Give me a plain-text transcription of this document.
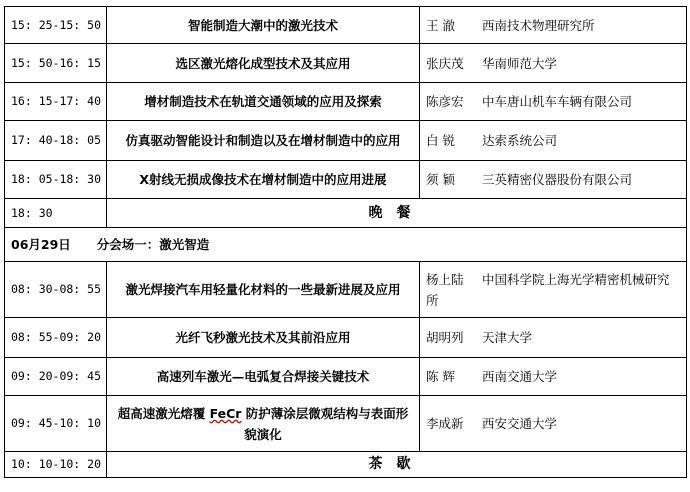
15: 25-15: 50	智能制造大潮中的激光技术	王 澈 西南技术物理研究所
15: 50-16: 15	选区激光熔化成型技术及其应用	张庆茂 华南师范大学
16: 15-17: 40	增材制造技术在轨道交通领域的应用及探索	陈彦宏 中车唐山机车车辆有限公司
17: 40-18: 05	仿真驱动智能设计和制造以及在增材制造中的应用	白 锐 达索系统公司
18: 05-18: 30	X射线无损成像技术在增材制造中的应用进展	须 颖 三英精密仪器股份有限公司
18: 30	晚餐	
06月29日 分会场一：激光智造		
08: 30-08: 55	激光焊接汽车用轻量化材料的一些最新进展及应用	杨上陆 中国科学院上海光学精密机械研究所
08: 55-09: 20	光纤飞秒激光技术及其前沿应用	胡明列 天津大学
09: 20-09: 45	高速列车激光—电弧复合焊接关键技术	陈 辉 西南交通大学
09: 45-10: 10	超高速激光熔覆 FeCr 防护薄涂层微观结构与表面形貌演化	李成新 西安交通大学
10: 10-10: 20	茶歇	
